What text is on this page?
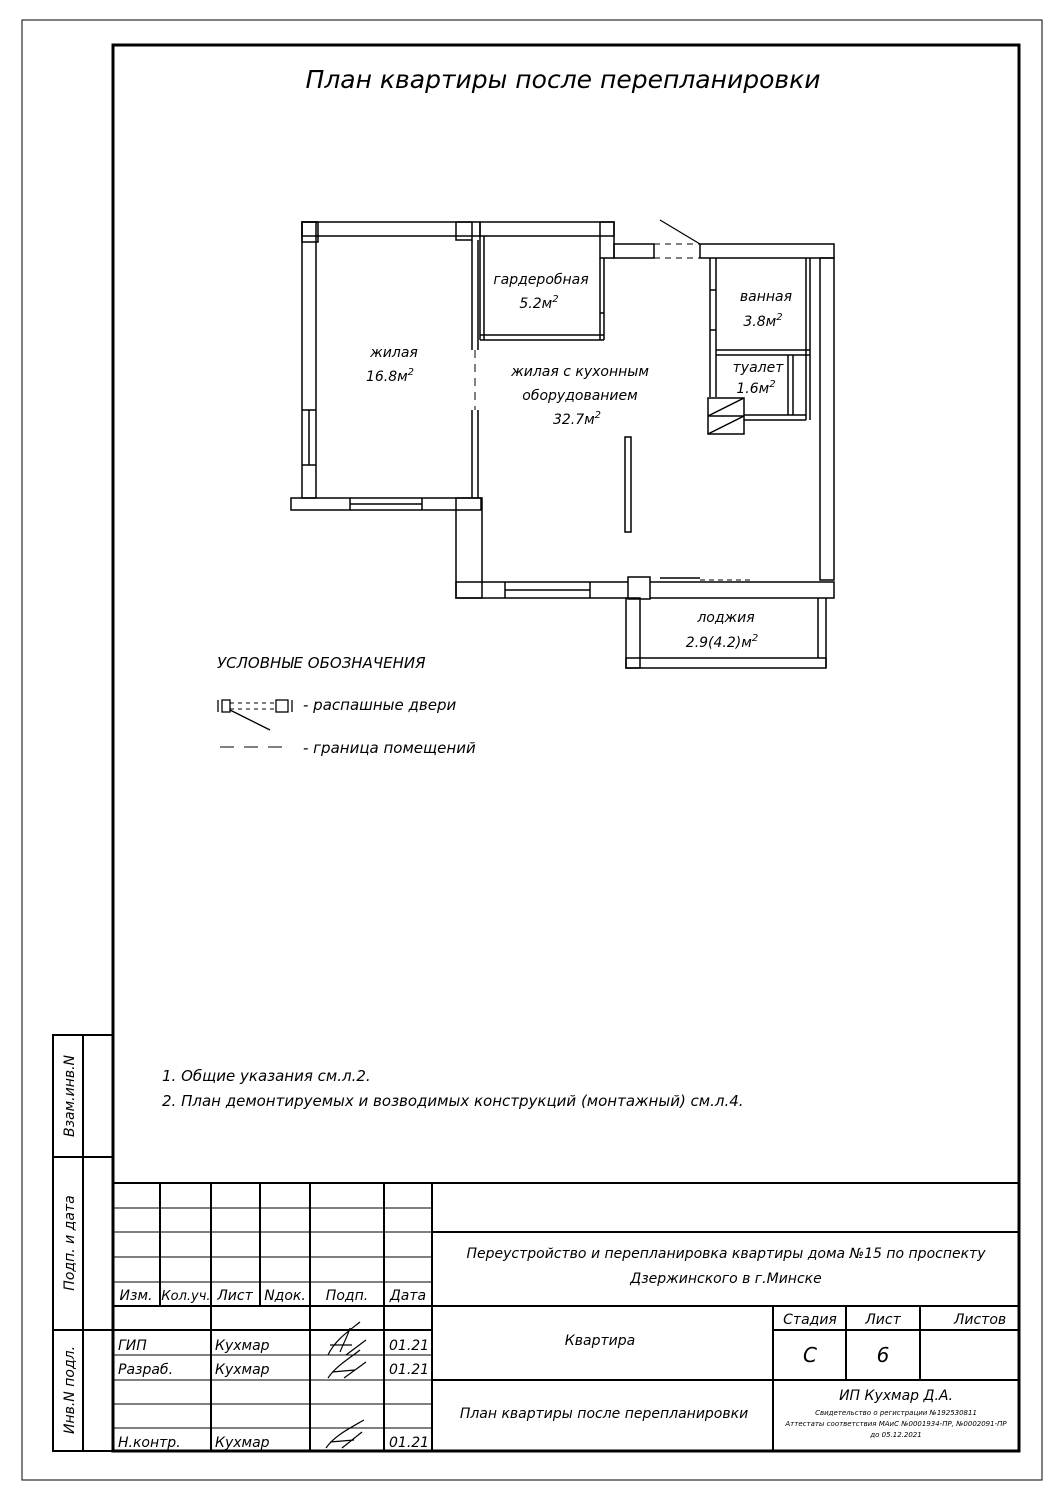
План квартиры после перепланировки
жилая
$16.8м^2$
гардеробная
$5.2м^2$
жилая с кухонным
оборудованием
$32.7м^2$
ванная
$3.8м^2$
туалет
$1.6м^2$
лоджия
$2.9(4.2)м^2$
УСЛОВНЫЕ ОБОЗНАЧЕНИЯ
- распашные двери
- граница помещений
1. Общие указания см.л.2.
2. План демонтируемых и возводимых конструкций (монтажный) см.л.4.
Взам.инв.N
Подп. и дата
Инв.N подл.
Изм. Кол.уч. Лист Nдок. Подп. Дата
ГИП	Кухмар	01.21
Разраб.	Кухмар	01.21
Н.контр. Кухмар	01.21
Переустройство и перепланировка квартиры дома №15 по проспекту
Дзержинского в г.Минске
Квартира
План квартиры после перепланировки
Стадия Лист	Листов
С	6
ИП Кухмар Д.А.
Свидетельство о регистрации №192530811
Аттестаты соответствия МАиС №0001934-ПР, №0002091-ПР
до 05.12.2021
